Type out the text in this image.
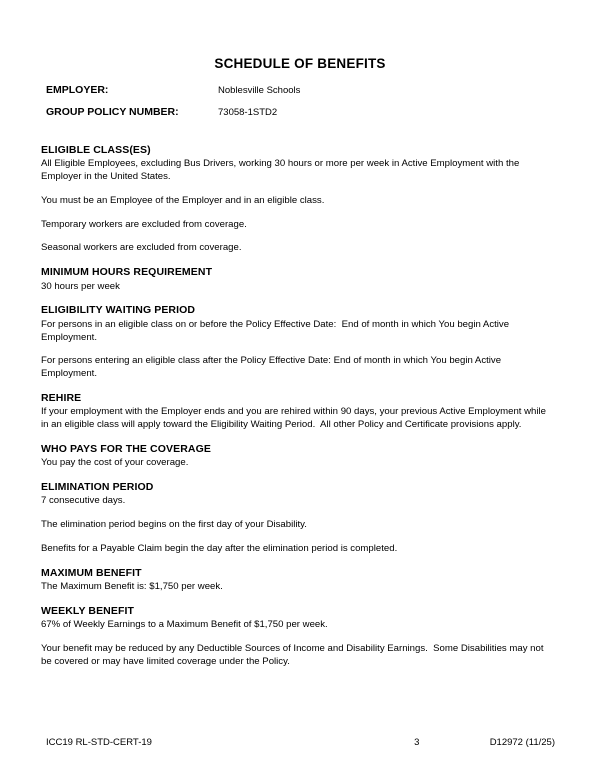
SCHEDULE OF BENEFITS
EMPLOYER:	Noblesville Schools
GROUP POLICY NUMBER:	73058-1STD2
ELIGIBLE CLASS(ES)

All Eligible Employees, excluding Bus Drivers, working 30 hours or more per week in Active Employment with the Employer in the United States.

You must be an Employee of the Employer and in an eligible class.

Temporary workers are excluded from coverage.

Seasonal workers are excluded from coverage.

MINIMUM HOURS REQUIREMENT

30 hours per week

ELIGIBILITY WAITING PERIOD

For persons in an eligible class on or before the Policy Effective Date:  End of month in which You begin Active Employment.

For persons entering an eligible class after the Policy Effective Date: End of month in which You begin Active Employment.

REHIRE

If your employment with the Employer ends and you are rehired within 90 days, your previous Active Employment while in an eligible class will apply toward the Eligibility Waiting Period.  All other Policy and Certificate provisions apply.

WHO PAYS FOR THE COVERAGE

You pay the cost of your coverage.

ELIMINATION PERIOD

7 consecutive days.

The elimination period begins on the first day of your Disability.

Benefits for a Payable Claim begin the day after the elimination period is completed.

MAXIMUM BENEFIT

The Maximum Benefit is: $1,750 per week.

WEEKLY BENEFIT

67% of Weekly Earnings to a Maximum Benefit of $1,750 per week.

Your benefit may be reduced by any Deductible Sources of Income and Disability Earnings.  Some Disabilities may not be covered or may have limited coverage under the Policy.

ICC19 RL-STD-CERT-19	3	D12972 (11/25)
